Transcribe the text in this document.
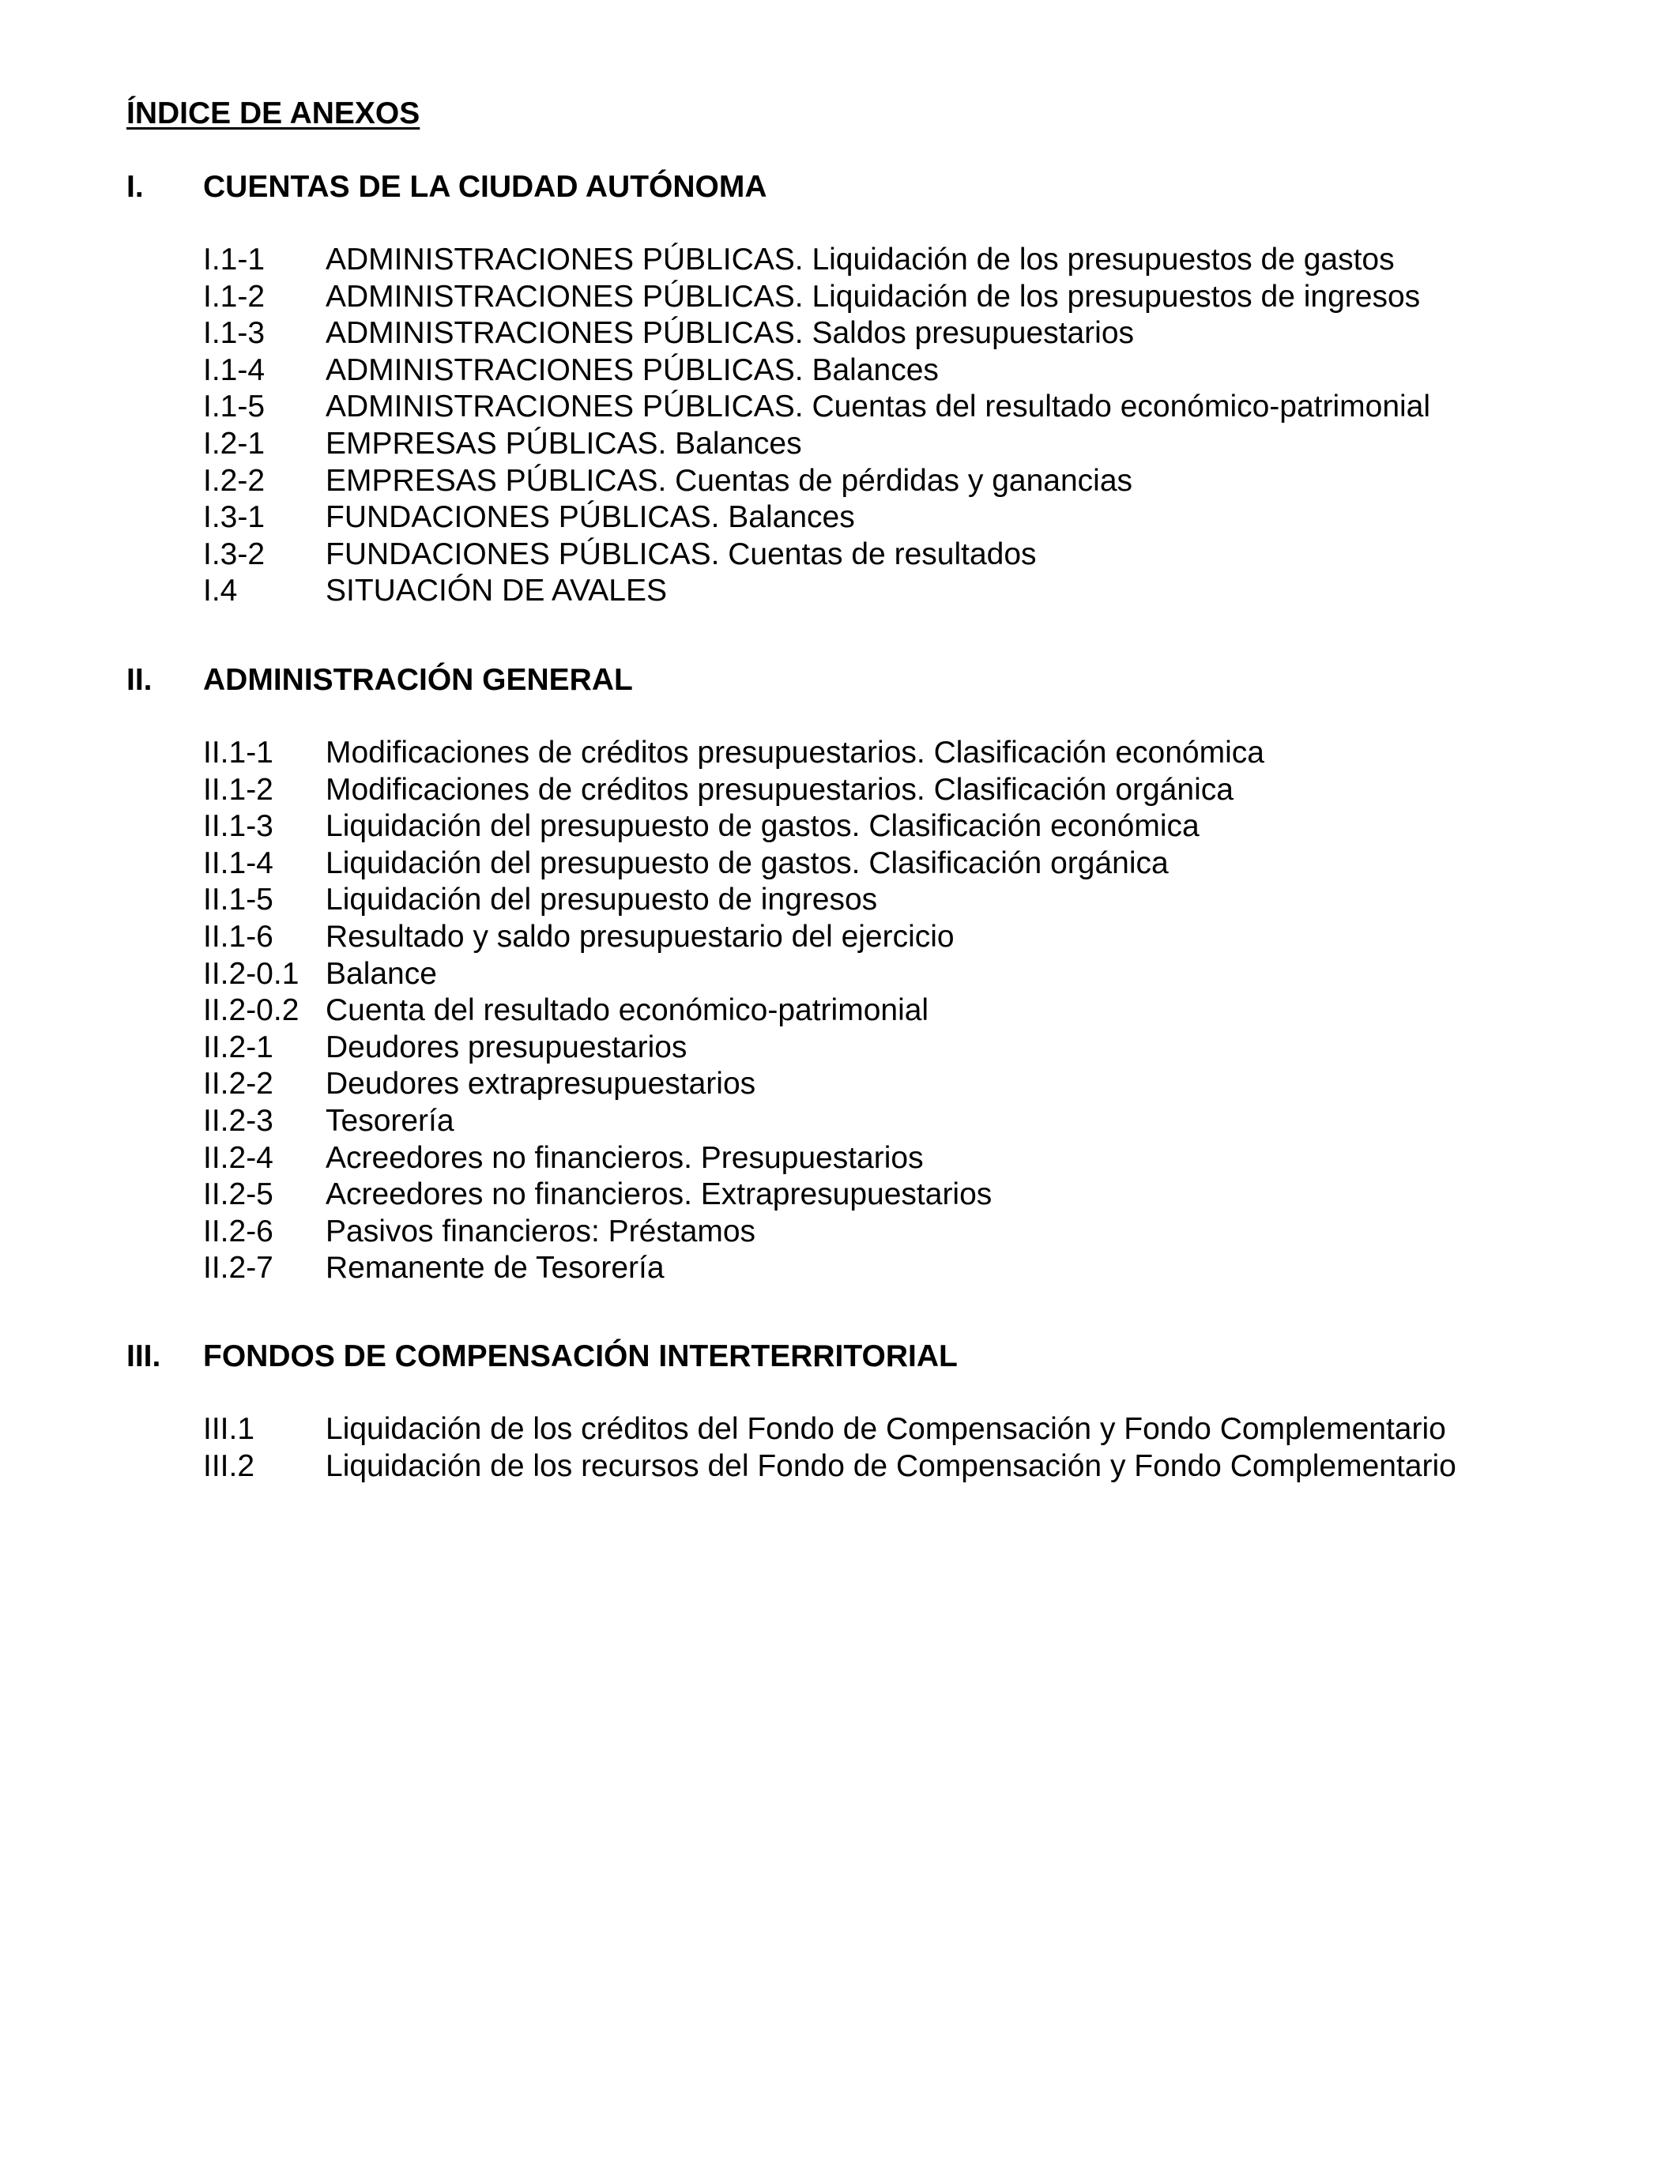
ÍNDICE DE ANEXOS
I. CUENTAS DE LA CIUDAD AUTÓNOMA
I.1-1 ADMINISTRACIONES PÚBLICAS. Liquidación de los presupuestos de gastos
I.1-2 ADMINISTRACIONES PÚBLICAS. Liquidación de los presupuestos de ingresos
I.1-3 ADMINISTRACIONES PÚBLICAS. Saldos presupuestarios
I.1-4 ADMINISTRACIONES PÚBLICAS. Balances
I.1-5 ADMINISTRACIONES PÚBLICAS. Cuentas del resultado económico-patrimonial
I.2-1 EMPRESAS PÚBLICAS. Balances
I.2-2 EMPRESAS PÚBLICAS. Cuentas de pérdidas y ganancias
I.3-1 FUNDACIONES PÚBLICAS. Balances
I.3-2 FUNDACIONES PÚBLICAS. Cuentas de resultados
I.4	SITUACIÓN DE AVALES
II. ADMINISTRACIÓN GENERAL
II.1-1 Modificaciones de créditos presupuestarios. Clasificación económica
II.1-2 Modificaciones de créditos presupuestarios. Clasificación orgánica
II.1-3 Liquidación del presupuesto de gastos. Clasificación económica
II.1-4 Liquidación del presupuesto de gastos. Clasificación orgánica
II.1-5 Liquidación del presupuesto de ingresos
II.1-6 Resultado y saldo presupuestario del ejercicio
II.2-0.1 Balance
II.2-0.2 Cuenta del resultado económico-patrimonial
II.2-1 Deudores presupuestarios
II.2-2 Deudores extrapresupuestarios
II.2-3 Tesorería
II.2-4 Acreedores no financieros. Presupuestarios
II.2-5 Acreedores no financieros. Extrapresupuestarios
II.2-6 Pasivos financieros: Préstamos
II.2-7 Remanente de Tesorería
III. FONDOS DE COMPENSACIÓN INTERTERRITORIAL
III.1 Liquidación de los créditos del Fondo de Compensación y Fondo Complementario
III.2 Liquidación de los recursos del Fondo de Compensación y Fondo Complementario
